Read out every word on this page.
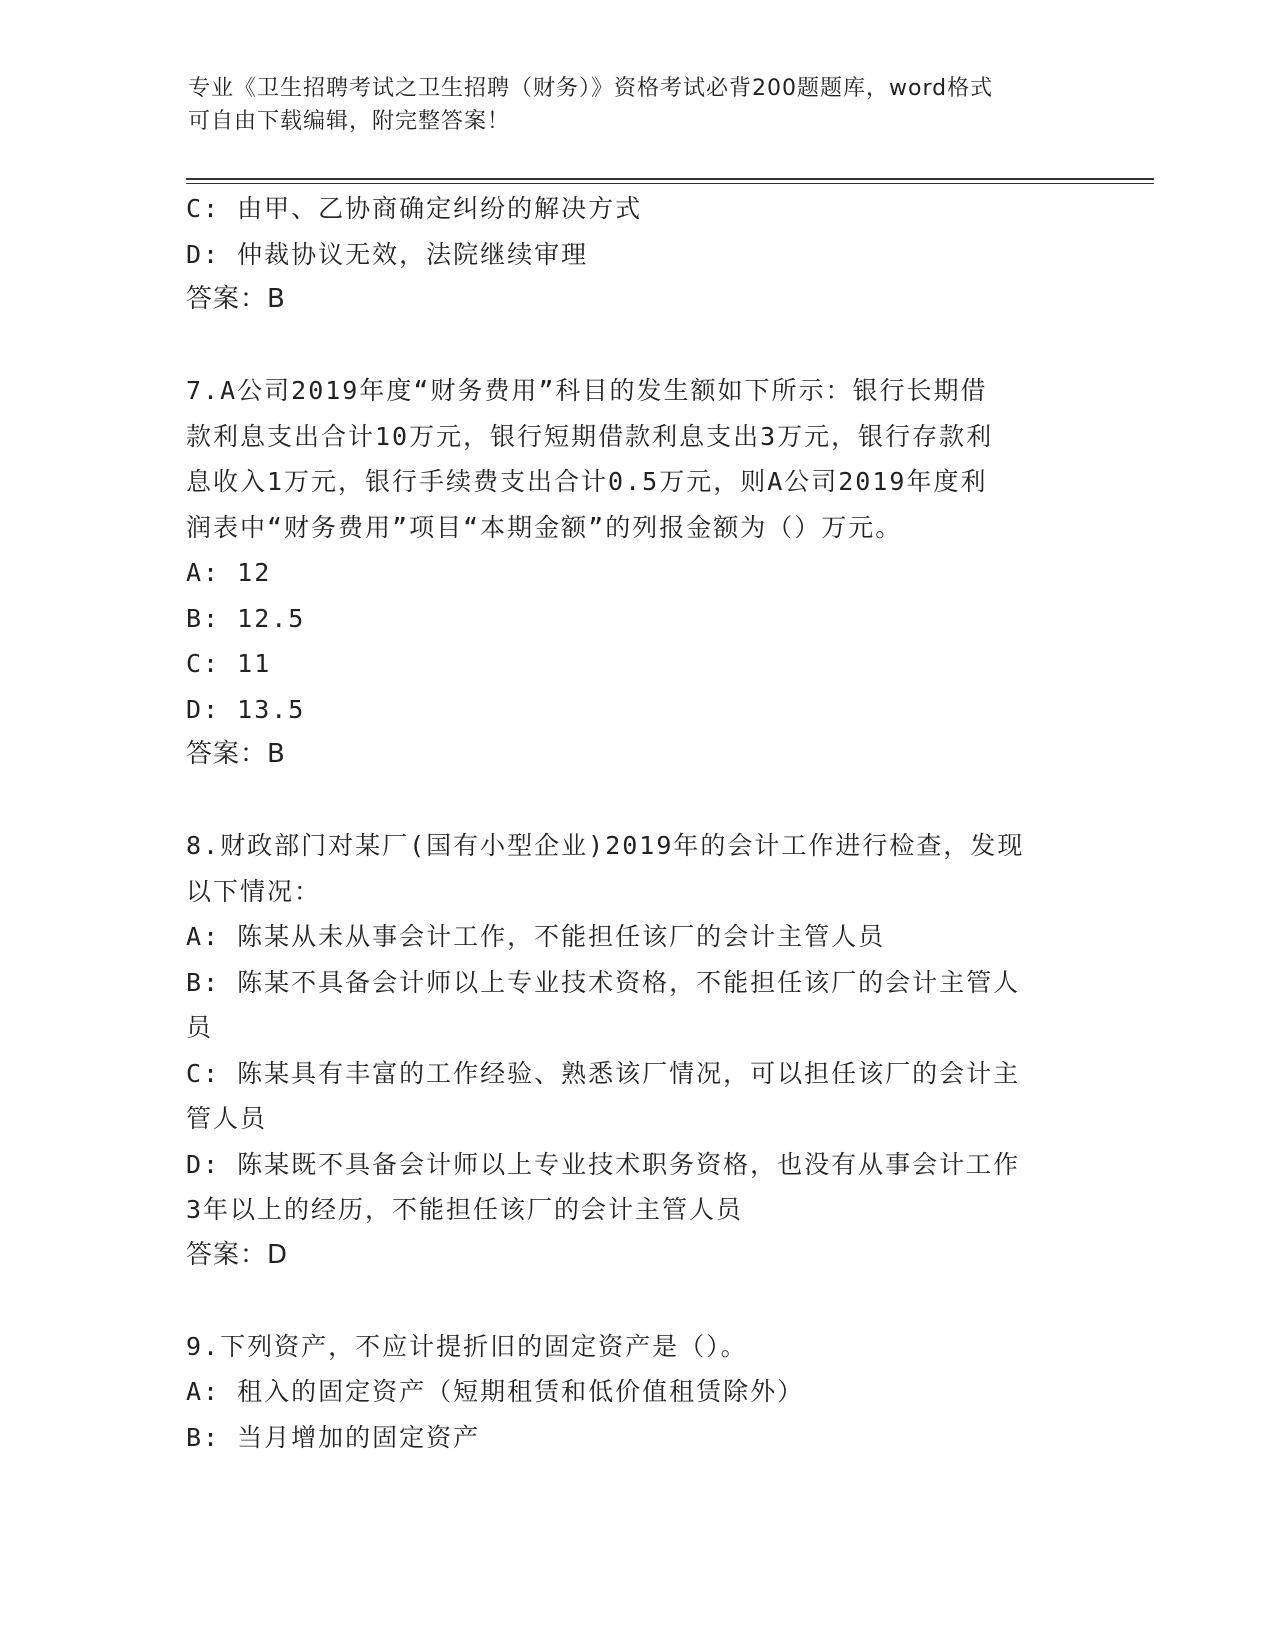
专业《卫生招聘考试之卫生招聘（财务）》资格考试必背200题题库，word格式
可自由下载编辑，附完整答案！
C: 由甲、乙协商确定纠纷的解决方式
D: 仲裁协议无效，法院继续审理
答案：B
7.A公司2019年度“财务费用”科目的发生额如下所示：银行长期借
款利息支出合计10万元，银行短期借款利息支出3万元，银行存款利
息收入1万元，银行手续费支出合计0.5万元，则A公司2019年度利
润表中“财务费用”项目“本期金额”的列报金额为（）万元。
A: 12
B: 12.5
C: 11
D: 13.5
答案：B
8.财政部门对某厂(国有小型企业)2019年的会计工作进行检查，发现
以下情况：
A: 陈某从未从事会计工作，不能担任该厂的会计主管人员
B: 陈某不具备会计师以上专业技术资格，不能担任该厂的会计主管人
员
C: 陈某具有丰富的工作经验、熟悉该厂情况，可以担任该厂的会计主
管人员
D: 陈某既不具备会计师以上专业技术职务资格，也没有从事会计工作
3年以上的经历，不能担任该厂的会计主管人员
答案：D
9.下列资产，不应计提折旧的固定资产是（）。
A: 租入的固定资产（短期租赁和低价值租赁除外）
B: 当月增加的固定资产
